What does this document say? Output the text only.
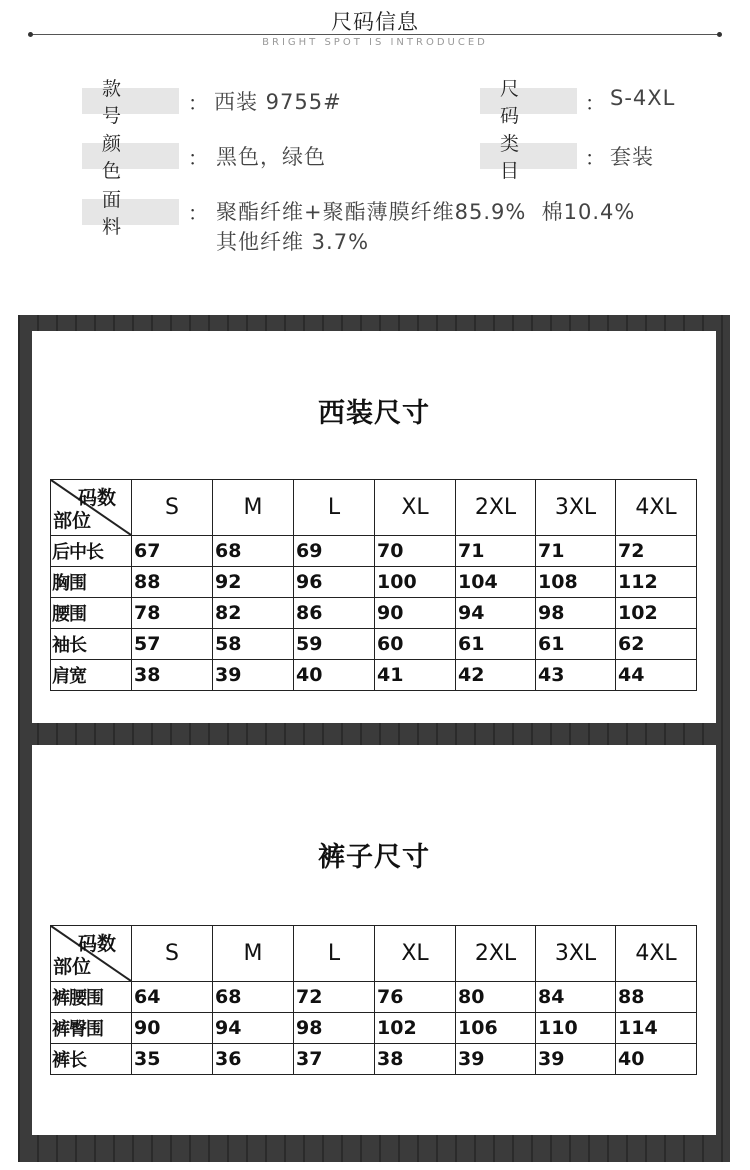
尺码信息
BRIGHT SPOT IS INTRODUCED
款号
： 西装 9755#
尺码
： S-4XL
颜色
： 黑色，绿色
类目
： 套装
面料
： 聚酯纤维+聚酯薄膜纤维85.9%  棉10.4%
其他纤维 3.7%
西装尺寸
码数
部位	S	M	L	XL	2XL	3XL	4XL
后中长	67	68	69	70	71	71	72
胸围	88	92	96	100	104	108	112
腰围	78	82	86	90	94	98	102
袖长	57	58	59	60	61	61	62
肩宽	38	39	40	41	42	43	44
裤子尺寸
码数
部位	S	M	L	XL	2XL	3XL	4XL
裤腰围	64	68	72	76	80	84	88
裤臀围	90	94	98	102	106	110	114
裤长	35	36	37	38	39	39	40
